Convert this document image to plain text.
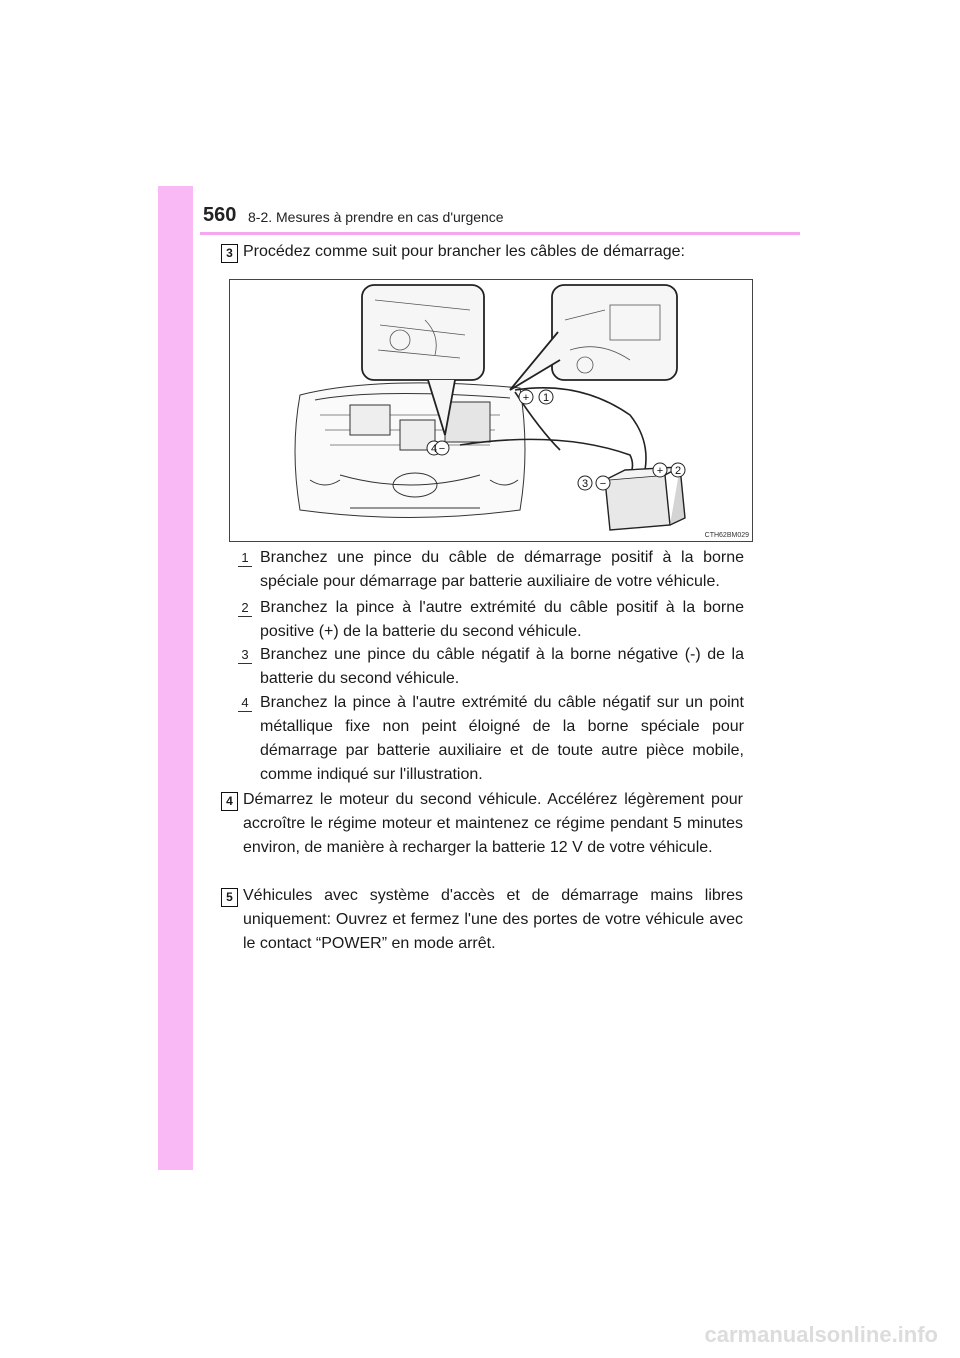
560 8-2. Mesures à prendre en cas d'urgence
3 Procédez comme suit pour brancher les câbles de démarrage:

+ 1
4 −
+ 2
3 −
CTH62BM029
1 Branchez une pince du câble de démarrage positif à la borne spéciale pour démarrage par batterie auxiliaire de votre véhicule.

2 Branchez la pince à l'autre extrémité du câble positif à la borne positive (+) de la batterie du second véhicule.

3 Branchez une pince du câble négatif à la borne négative (-) de la batterie du second véhicule.

4 Branchez la pince à l'autre extrémité du câble négatif sur un point métallique fixe non peint éloigné de la borne spéciale pour démarrage par batterie auxiliaire et de toute autre pièce mobile, comme indiqué sur l'illustration.

4 Démarrez le moteur du second véhicule. Accélérez légèrement pour accroître le régime moteur et maintenez ce régime pendant 5 minutes environ, de manière à recharger la batterie 12 V de votre véhicule.

5 Véhicules avec système d'accès et de démarrage mains libres uniquement: Ouvrez et fermez l'une des portes de votre véhicule avec le contact “POWER” en mode arrêt.

carmanualsonline.info
